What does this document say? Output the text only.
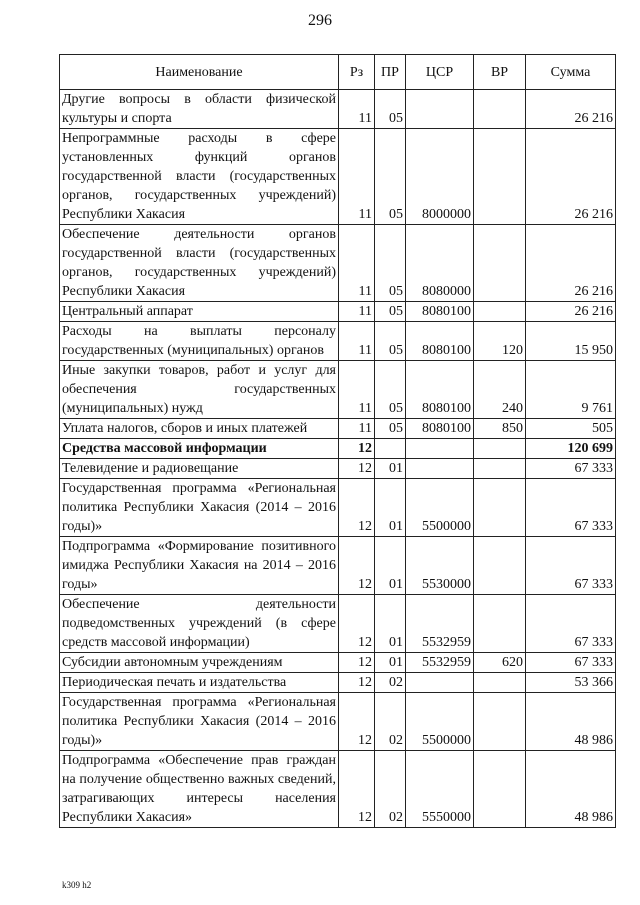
296
Наименование	Рз	ПР	ЦСР	ВР	Сумма
Другие вопросы в области физической культуры и спорта	11	05			26 216
Непрограммные расходы в сфере установленных функций органов государственной власти (государственных органов, государственных учреждений) Республики Хакасия	11	05	8000000		26 216
Обеспечение деятельности органов государственной власти (государственных органов, государственных учреждений) Республики Хакасия	11	05	8080000		26 216
Центральный аппарат	11	05	8080100		26 216
Расходы на выплаты персоналу государственных (муниципальных) органов	11	05	8080100	120	15 950
Иные закупки товаров, работ и услуг для обеспечения государственных (муниципальных) нужд	11	05	8080100	240	9 761
Уплата налогов, сборов и иных платежей	11	05	8080100	850	505
Средства массовой информации	12				120 699
Телевидение и радиовещание	12	01			67 333
Государственная программа «Региональная политика Республики Хакасия (2014 – 2016 годы)»	12	01	5500000		67 333
Подпрограмма «Формирование позитивного имиджа Республики Хакасия на 2014 – 2016 годы»	12	01	5530000		67 333
Обеспечение деятельности подведомственных учреждений (в сфере средств массовой информации)	12	01	5532959		67 333
Субсидии автономным учреждениям	12	01	5532959	620	67 333
Периодическая печать и издательства	12	02			53 366
Государственная программа «Региональная политика Республики Хакасия (2014 – 2016 годы)»	12	02	5500000		48 986
Подпрограмма «Обеспечение прав граждан на получение общественно важных сведений, затрагивающих интересы населения Республики Хакасия»	12	02	5550000		48 986
k309 h2
